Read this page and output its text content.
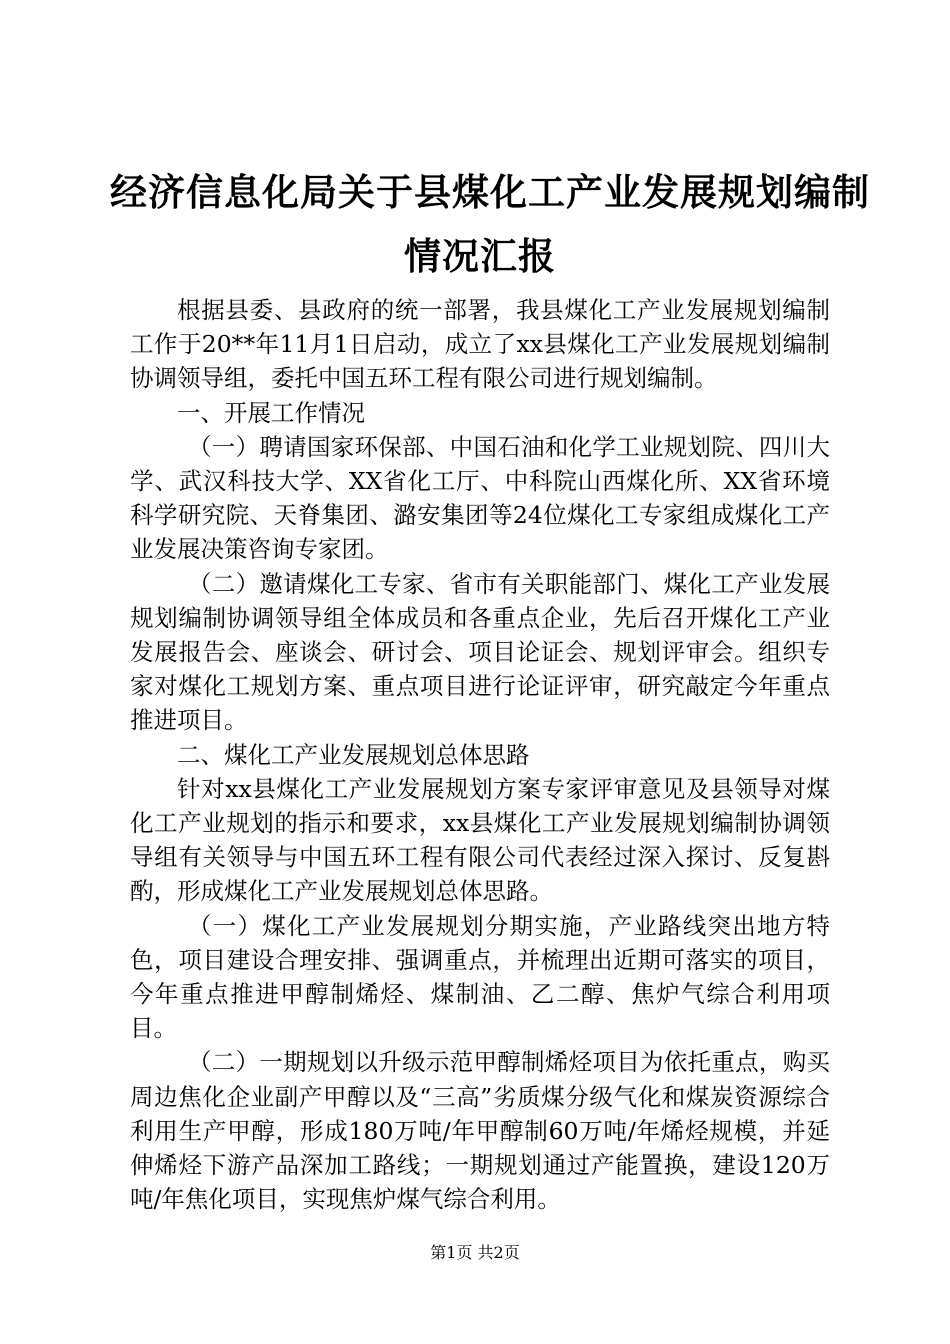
经济信息化局关于县煤化工产业发展规划编制
情况汇报

根据县委、县政府的统一部署，我县煤化工产业发展规划编制工作于20**年11月1日启动，成立了xx县煤化工产业发展规划编制协调领导组，委托中国五环工程有限公司进行规划编制。

一、开展工作情况

（一）聘请国家环保部、中国石油和化学工业规划院、四川大学、武汉科技大学、XX省化工厅、中科院山西煤化所、XX省环境科学研究院、天脊集团、潞安集团等24位煤化工专家组成煤化工产业发展决策咨询专家团。

（二）邀请煤化工专家、省市有关职能部门、煤化工产业发展规划编制协调领导组全体成员和各重点企业，先后召开煤化工产业发展报告会、座谈会、研讨会、项目论证会、规划评审会。组织专家对煤化工规划方案、重点项目进行论证评审，研究敲定今年重点推进项目。

二、煤化工产业发展规划总体思路

针对xx县煤化工产业发展规划方案专家评审意见及县领导对煤化工产业规划的指示和要求，xx县煤化工产业发展规划编制协调领导组有关领导与中国五环工程有限公司代表经过深入探讨、反复斟酌，形成煤化工产业发展规划总体思路。

（一）煤化工产业发展规划分期实施，产业路线突出地方特色，项目建设合理安排、强调重点，并梳理出近期可落实的项目，今年重点推进甲醇制烯烃、煤制油、乙二醇、焦炉气综合利用项目。

（二）一期规划以升级示范甲醇制烯烃项目为依托重点，购买周边焦化企业副产甲醇以及“三高”劣质煤分级气化和煤炭资源综合利用生产甲醇，形成180万吨/年甲醇制60万吨/年烯烃规模，并延伸烯烃下游产品深加工路线；一期规划通过产能置换，建设120万吨/年焦化项目，实现焦炉煤气综合利用。

第1页 共2页
